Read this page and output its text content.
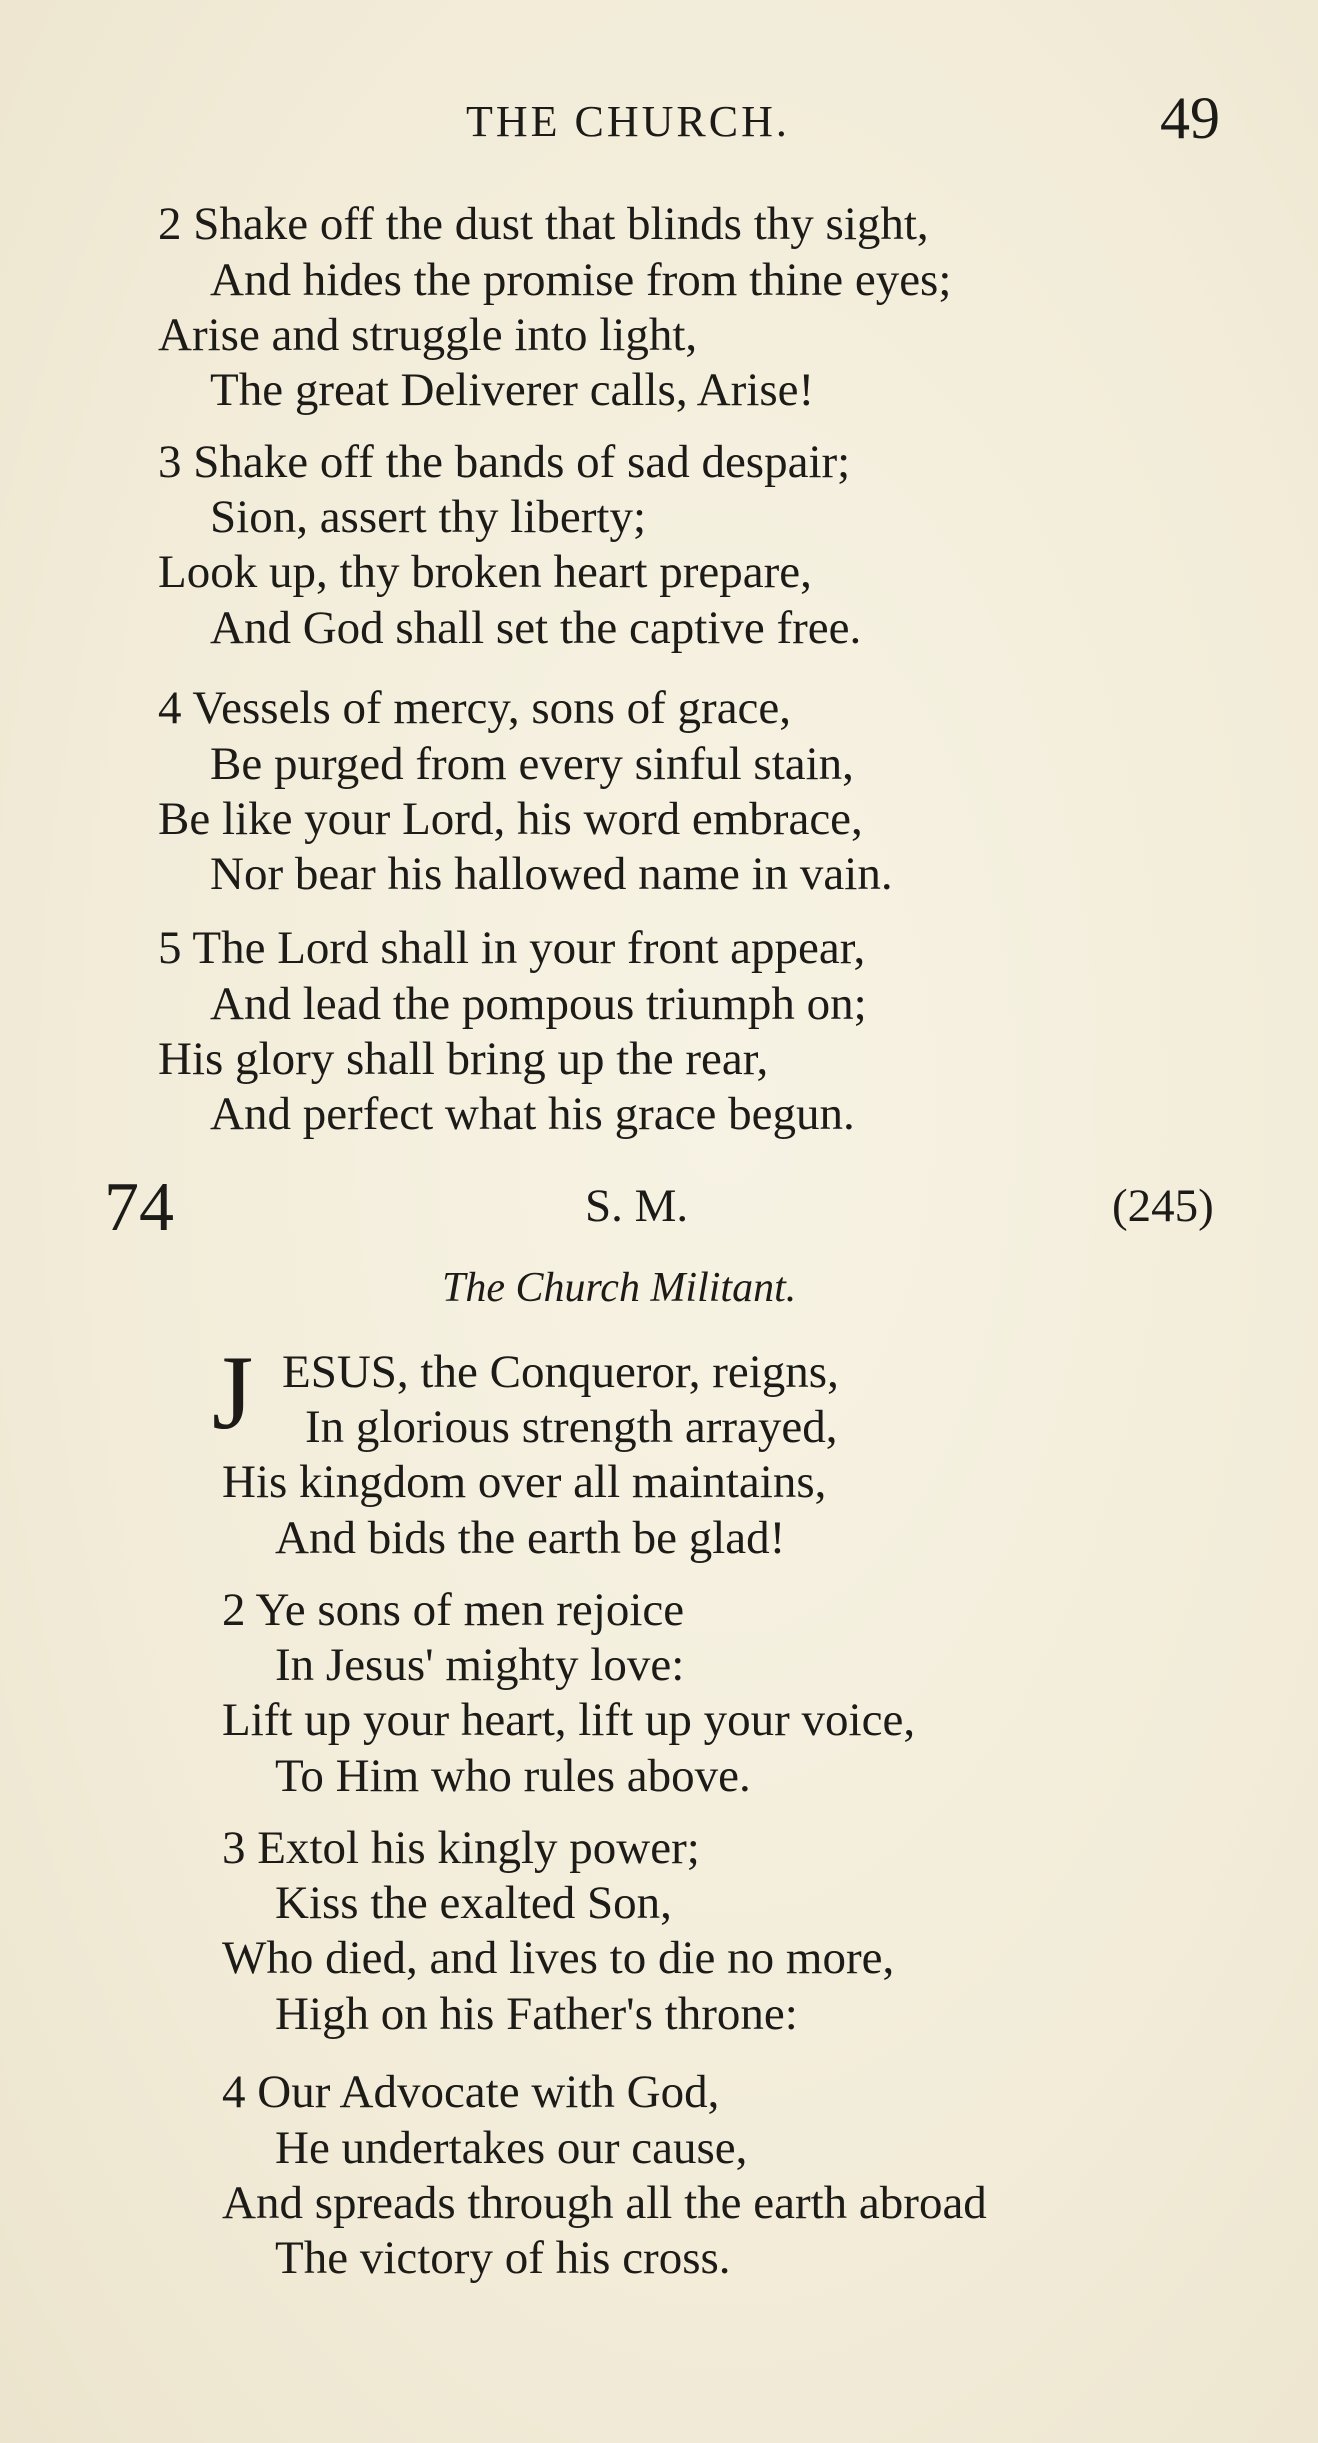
THE CHURCH.	49
2 Shake off the dust that blinds thy sight,
And hides the promise from thine eyes;
Arise and struggle into light,
The great Deliverer calls, Arise!
3 Shake off the bands of sad despair;
Sion, assert thy liberty;
Look up, thy broken heart prepare,
And God shall set the captive free.
4 Vessels of mercy, sons of grace,
Be purged from every sinful stain,
Be like your Lord, his word embrace,
Nor bear his hallowed name in vain.
5 The Lord shall in your front appear,
And lead the pompous triumph on;
His glory shall bring up the rear,
And perfect what his grace begun.
74	S. M.	(245)
The Church Militant.
J ESUS, the Conqueror, reigns,
In glorious strength arrayed,
His kingdom over all maintains,
And bids the earth be glad!
2 Ye sons of men rejoice
In Jesus' mighty love:
Lift up your heart, lift up your voice,
To Him who rules above.
3 Extol his kingly power;
Kiss the exalted Son,
Who died, and lives to die no more,
High on his Father's throne:
4 Our Advocate with God,
He undertakes our cause,
And spreads through all the earth abroad
The victory of his cross.
